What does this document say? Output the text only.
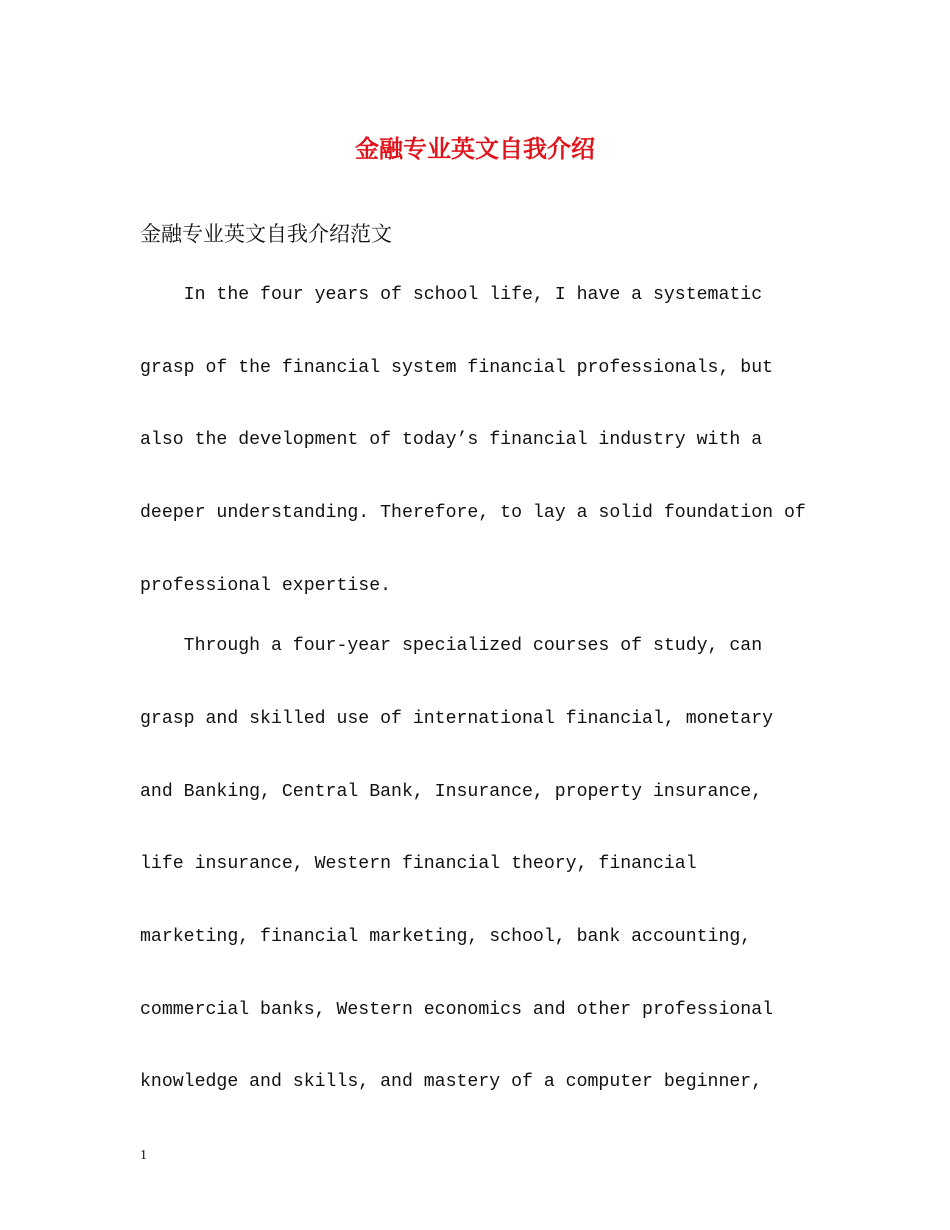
金融专业英文自我介绍

金融专业英文自我介绍范文

In the four years of school life, I have a systematic
grasp of the financial system financial professionals, but
also the development of today’s financial industry with a
deeper understanding. Therefore, to lay a solid foundation of
professional expertise.
Through a four-year specialized courses of study, can
grasp and skilled use of international financial, monetary
and Banking, Central Bank, Insurance, property insurance,
life insurance, Western financial theory, financial
marketing, financial marketing, school, bank accounting,
commercial banks, Western economics and other professional
knowledge and skills, and mastery of a computer beginner,
1
